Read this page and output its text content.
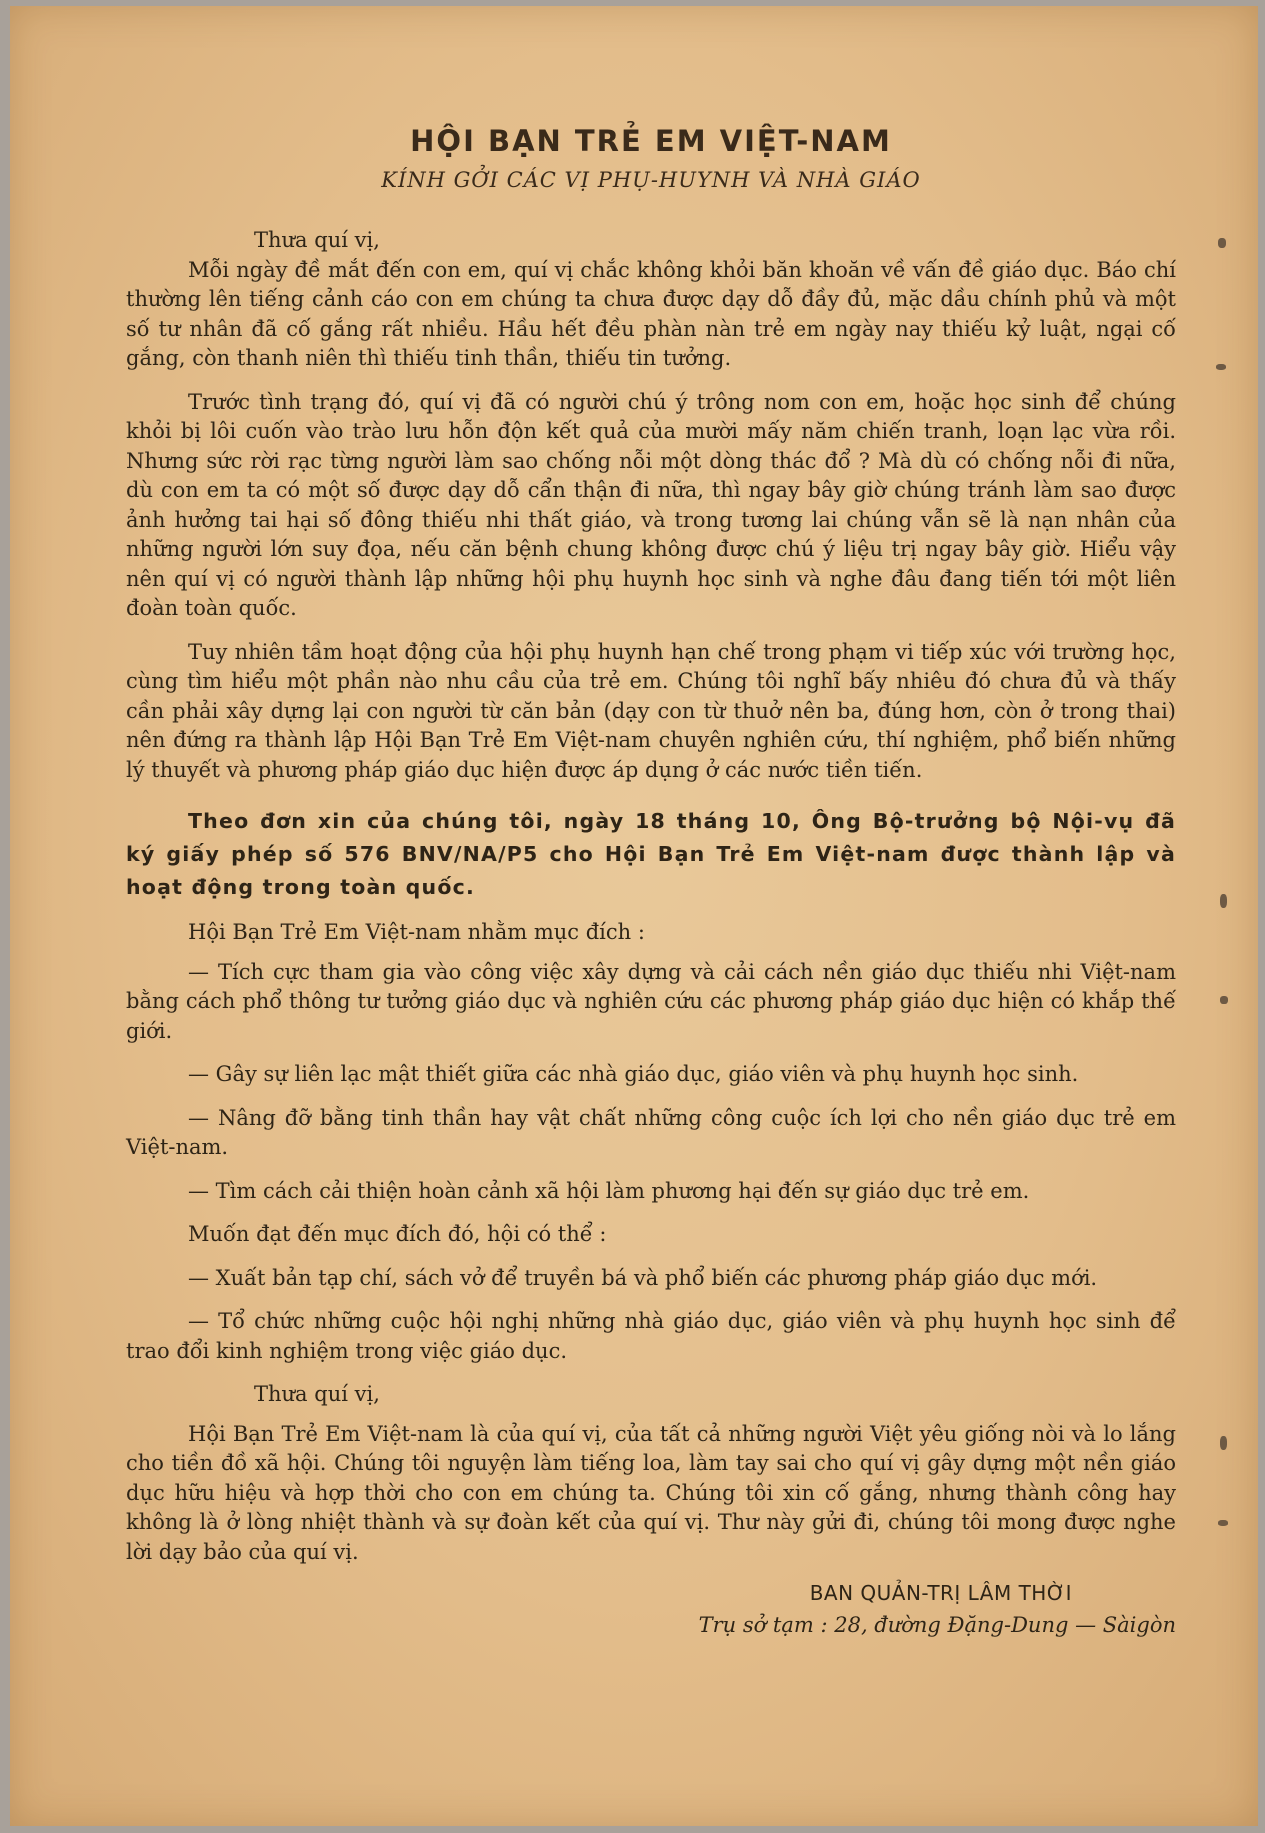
HỘI BẠN TRẺ EM VIỆT-NAM
KÍNH GỞI CÁC VỊ PHỤ-HUYNH VÀ NHÀ GIÁO

Thưa quí vị,

Mỗi ngày đề mắt đến con em, quí vị chắc không khỏi băn khoăn về vấn đề giáo dục. Báo chí thường lên tiếng cảnh cáo con em chúng ta chưa được dạy dỗ đầy đủ, mặc dầu chính phủ và một số tư nhân đã cố gắng rất nhiều. Hầu hết đều phàn nàn trẻ em ngày nay thiếu kỷ luật, ngại cố gắng, còn thanh niên thì thiếu tinh thần, thiếu tin tưởng.

Trước tình trạng đó, quí vị đã có người chú ý trông nom con em, hoặc học sinh để chúng khỏi bị lôi cuốn vào trào lưu hỗn độn kết quả của mười mấy năm chiến tranh, loạn lạc vừa rồi. Nhưng sức rời rạc từng người làm sao chống nỗi một dòng thác đổ ? Mà dù có chống nỗi đi nữa, dù con em ta có một số được dạy dỗ cẩn thận đi nữa, thì ngay bây giờ chúng tránh làm sao được ảnh hưởng tai hại số đông thiếu nhi thất giáo, và trong tương lai chúng vẫn sẽ là nạn nhân của những người lớn suy đọa, nếu căn bệnh chung không được chú ý liệu trị ngay bây giờ. Hiểu vậy nên quí vị có người thành lập những hội phụ huynh học sinh và nghe đâu đang tiến tới một liên đoàn toàn quốc.

Tuy nhiên tầm hoạt động của hội phụ huynh hạn chế trong phạm vi tiếp xúc với trường học, cùng tìm hiểu một phần nào nhu cầu của trẻ em. Chúng tôi nghĩ bấy nhiêu đó chưa đủ và thấy cần phải xây dựng lại con người từ căn bản (dạy con từ thuở nên ba, đúng hơn, còn ở trong thai) nên đứng ra thành lập Hội Bạn Trẻ Em Việt-nam chuyên nghiên cứu, thí nghiệm, phổ biến những lý thuyết và phương pháp giáo dục hiện được áp dụng ở các nước tiền tiến.

Theo đơn xin của chúng tôi, ngày 18 tháng 10, Ông Bộ-trưởng bộ Nội-vụ đã ký giấy phép số 576 BNV/NA/P5 cho Hội Bạn Trẻ Em Việt-nam được thành lập và hoạt động trong toàn quốc.

Hội Bạn Trẻ Em Việt-nam nhằm mục đích :

— Tích cực tham gia vào công việc xây dựng và cải cách nền giáo dục thiếu nhi Việt-nam bằng cách phổ thông tư tưởng giáo dục và nghiên cứu các phương pháp giáo dục hiện có khắp thế giới.

— Gây sự liên lạc mật thiết giữa các nhà giáo dục, giáo viên và phụ huynh học sinh.

— Nâng đỡ bằng tinh thần hay vật chất những công cuộc ích lợi cho nền giáo dục trẻ em Việt-nam.

— Tìm cách cải thiện hoàn cảnh xã hội làm phương hại đến sự giáo dục trẻ em.

Muốn đạt đến mục đích đó, hội có thể :

— Xuất bản tạp chí, sách vở để truyền bá và phổ biến các phương pháp giáo dục mới.

— Tổ chức những cuộc hội nghị những nhà giáo dục, giáo viên và phụ huynh học sinh để trao đổi kinh nghiệm trong việc giáo dục.

Thưa quí vị,

Hội Bạn Trẻ Em Việt-nam là của quí vị, của tất cả những người Việt yêu giống nòi và lo lắng cho tiền đồ xã hội. Chúng tôi nguyện làm tiếng loa, làm tay sai cho quí vị gây dựng một nền giáo dục hữu hiệu và hợp thời cho con em chúng ta. Chúng tôi xin cố gắng, nhưng thành công hay không là ở lòng nhiệt thành và sự đoàn kết của quí vị. Thư này gửi đi, chúng tôi mong được nghe lời dạy bảo của quí vị.

BAN QUẢN-TRỊ LÂM THỜI
Trụ sở tạm : 28, đường Đặng-Dung — Sàigòn
